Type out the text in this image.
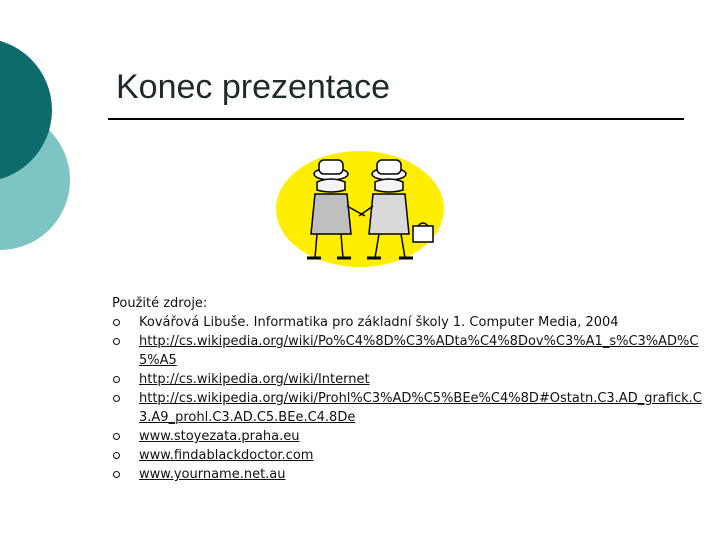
Konec prezentace

Použité zdroje:

Kovářová Libuše. Informatika pro základní školy 1. Computer Media, 2004
http://cs.wikipedia.org/wiki/Po%C4%8D%C3%ADta%C4%8Dov%C3%A1_s%C3%AD%C5%A5
http://cs.wikipedia.org/wiki/Internet
http://cs.wikipedia.org/wiki/Prohl%C3%AD%C5%BEe%C4%8D#Ostatn.C3.AD_grafick.C3.A9_prohl.C3.AD.C5.BEe.C4.8De
www.stoyezata.praha.eu
www.findablackdoctor.com
www.yourname.net.au
